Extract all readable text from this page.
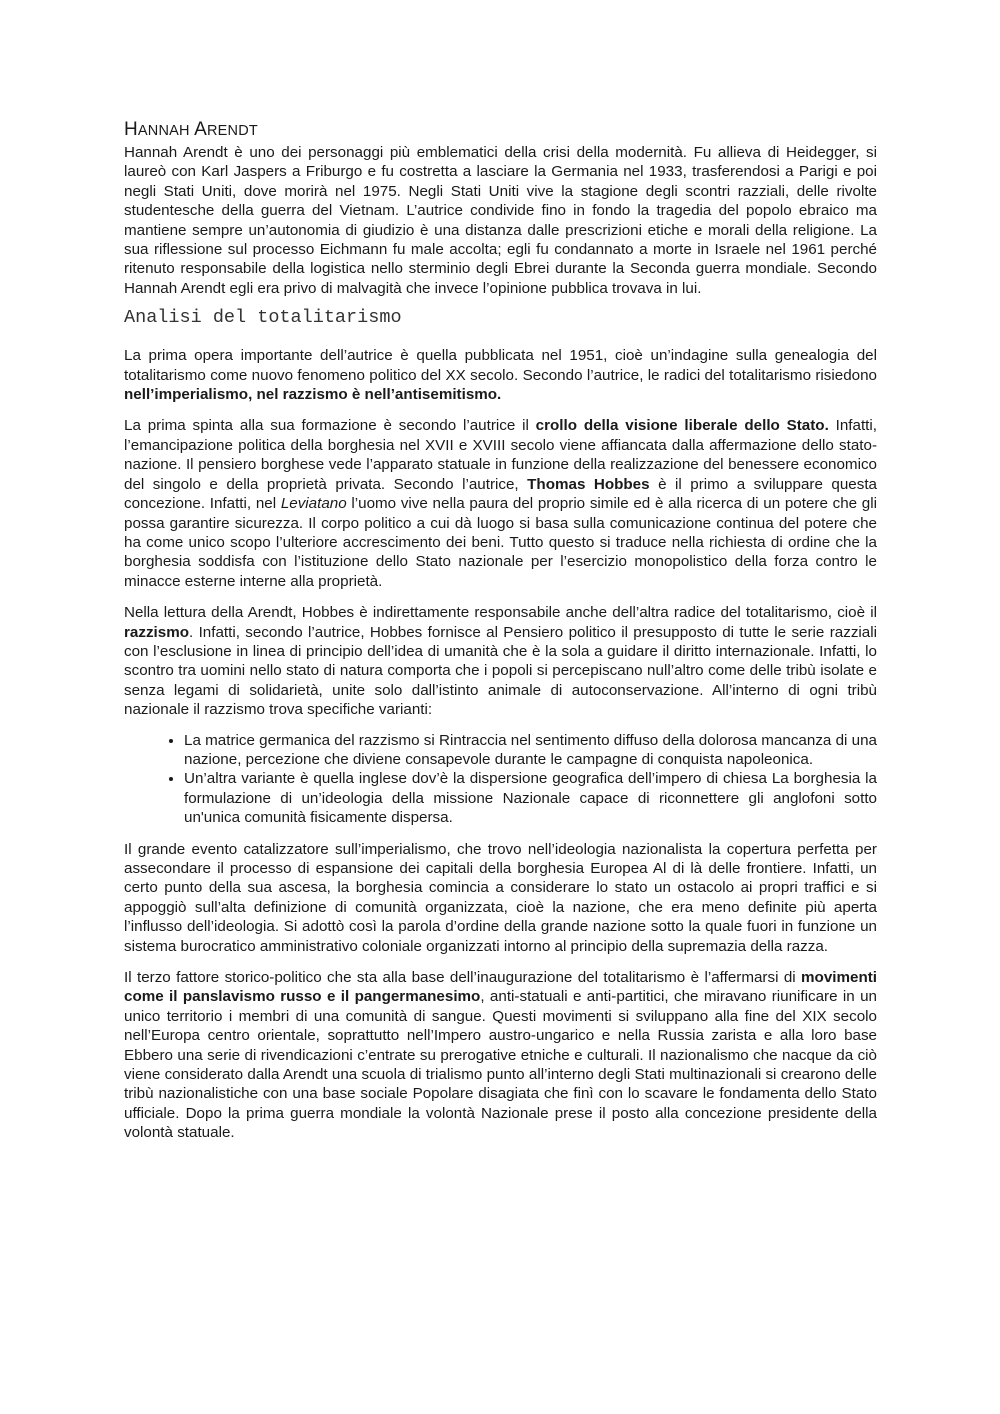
HANNAH ARENDT

Hannah Arendt è uno dei personaggi più emblematici della crisi della modernità. Fu allieva di Heidegger, si laureò con Karl Jaspers a Friburgo e fu costretta a lasciare la Germania nel 1933, trasferendosi a Parigi e poi negli Stati Uniti, dove morirà nel 1975. Negli Stati Uniti vive la stagione degli scontri razziali, delle rivolte studentesche della guerra del Vietnam. L’autrice condivide fino in fondo la tragedia del popolo ebraico ma mantiene sempre un’autonomia di giudizio è una distanza dalle prescrizioni etiche e morali della religione. La sua riflessione sul processo Eichmann fu male accolta; egli fu condannato a morte in Israele nel 1961 perché ritenuto responsabile della logistica nello sterminio degli Ebrei durante la Seconda guerra mondiale. Secondo Hannah Arendt egli era privo di malvagità che invece l’opinione pubblica trovava in lui.

Analisi del totalitarismo

La prima opera importante dell’autrice è quella pubblicata nel 1951, cioè un’indagine sulla genealogia del totalitarismo come nuovo fenomeno politico del XX secolo. Secondo l’autrice, le radici del totalitarismo risiedono nell’imperialismo, nel razzismo è nell’antisemitismo.

La prima spinta alla sua formazione è secondo l’autrice il crollo della visione liberale dello Stato. Infatti, l’emancipazione politica della borghesia nel XVII e XVIII secolo viene affiancata dalla affermazione dello stato-nazione. Il pensiero borghese vede l’apparato statuale in funzione della realizzazione del benessere economico del singolo e della proprietà privata. Secondo l’autrice, Thomas Hobbes è il primo a sviluppare questa concezione. Infatti, nel Leviatano l’uomo vive nella paura del proprio simile ed è alla ricerca di un potere che gli possa garantire sicurezza. Il corpo politico a cui dà luogo si basa sulla comunicazione continua del potere che ha come unico scopo l’ulteriore accrescimento dei beni. Tutto questo si traduce nella richiesta di ordine che la borghesia soddisfa con l’istituzione dello Stato nazionale per l’esercizio monopolistico della forza contro le minacce esterne interne alla proprietà.

Nella lettura della Arendt, Hobbes è indirettamente responsabile anche dell’altra radice del totalitarismo, cioè il razzismo. Infatti, secondo l’autrice, Hobbes fornisce al Pensiero politico il presupposto di tutte le serie razziali con l’esclusione in linea di principio dell’idea di umanità che è la sola a guidare il diritto internazionale. Infatti, lo scontro tra uomini nello stato di natura comporta che i popoli si percepiscano null’altro come delle tribù isolate e senza legami di solidarietà, unite solo dall’istinto animale di autoconservazione. All’interno di ogni tribù nazionale il razzismo trova specifiche varianti:

• La matrice germanica del razzismo si Rintraccia nel sentimento diffuso della dolorosa mancanza di una nazione, percezione che diviene consapevole durante le campagne di conquista napoleonica.
• Un’altra variante è quella inglese dov’è la dispersione geografica dell’impero di chiesa La borghesia la formulazione di un’ideologia della missione Nazionale capace di riconnettere gli anglofoni sotto un'unica comunità fisicamente dispersa.

Il grande evento catalizzatore sull’imperialismo, che trovo nell’ideologia nazionalista la copertura perfetta per assecondare il processo di espansione dei capitali della borghesia Europea Al di là delle frontiere. Infatti, un certo punto della sua ascesa, la borghesia comincia a considerare lo stato un ostacolo ai propri traffici e si appoggiò sull’alta definizione di comunità organizzata, cioè la nazione, che era meno definite più aperta l’influsso dell’ideologia. Si adottò così la parola d’ordine della grande nazione sotto la quale fuori in funzione un sistema burocratico amministrativo coloniale organizzati intorno al principio della supremazia della razza.

Il terzo fattore storico-politico che sta alla base dell’inaugurazione del totalitarismo è l’affermarsi di movimenti come il panslavismo russo e il pangermanesimo, anti-statuali e anti-partitici, che miravano riunificare in un unico territorio i membri di una comunità di sangue. Questi movimenti si sviluppano alla fine del XIX secolo nell’Europa centro orientale, soprattutto nell’Impero austro-ungarico e nella Russia zarista e alla loro base Ebbero una serie di rivendicazioni c’entrate su prerogative etniche e culturali. Il nazionalismo che nacque da ciò viene considerato dalla Arendt una scuola di trialismo punto all’interno degli Stati multinazionali si crearono delle tribù nazionalistiche con una base sociale Popolare disagiata che finì con lo scavare le fondamenta dello Stato ufficiale. Dopo la prima guerra mondiale la volontà Nazionale prese il posto alla concezione presidente della volontà statuale.
